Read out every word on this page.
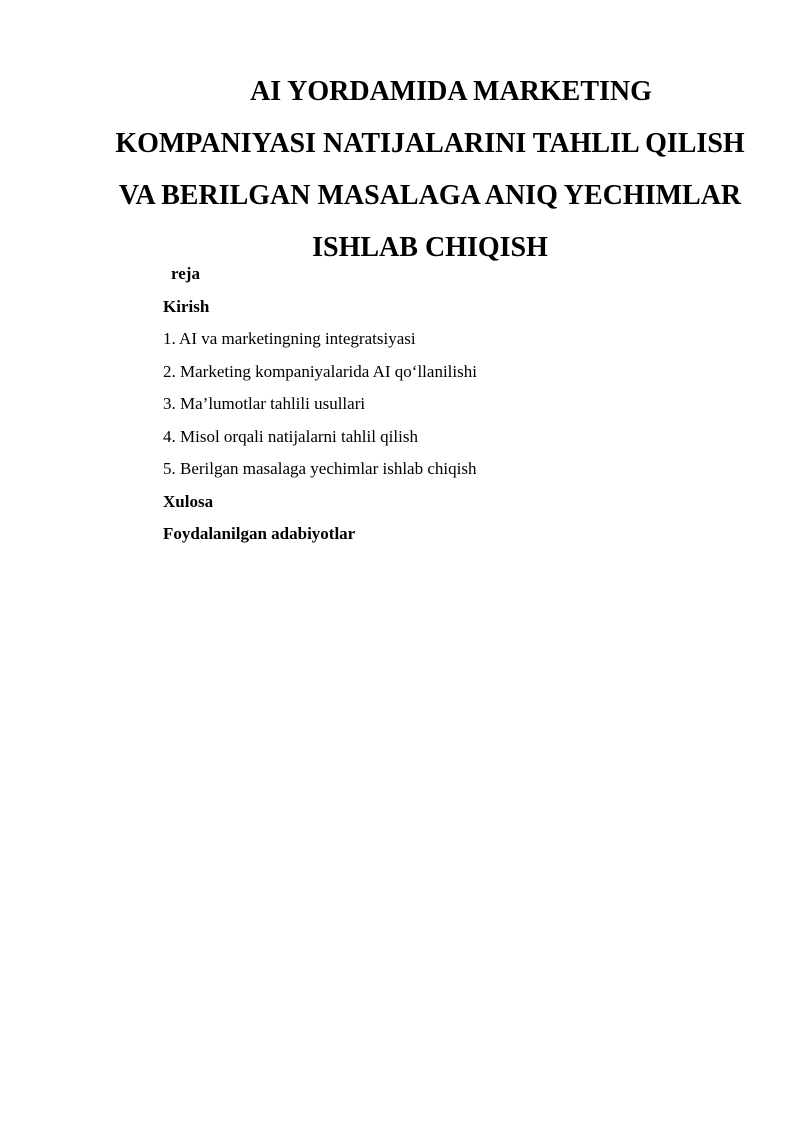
AI YORDAMIDA MARKETING
KOMPANIYASI NATIJALARINI TAHLIL QILISH
VA BERILGAN MASALAGA ANIQ YECHIMLAR
ISHLAB CHIQISH
reja
Kirish
1. AI va marketingning integratsiyasi
2. Marketing kompaniyalarida AI qo‘llanilishi
3. Ma’lumotlar tahlili usullari
4. Misol orqali natijalarni tahlil qilish
5. Berilgan masalaga yechimlar ishlab chiqish
Xulosa
Foydalanilgan adabiyotlar
